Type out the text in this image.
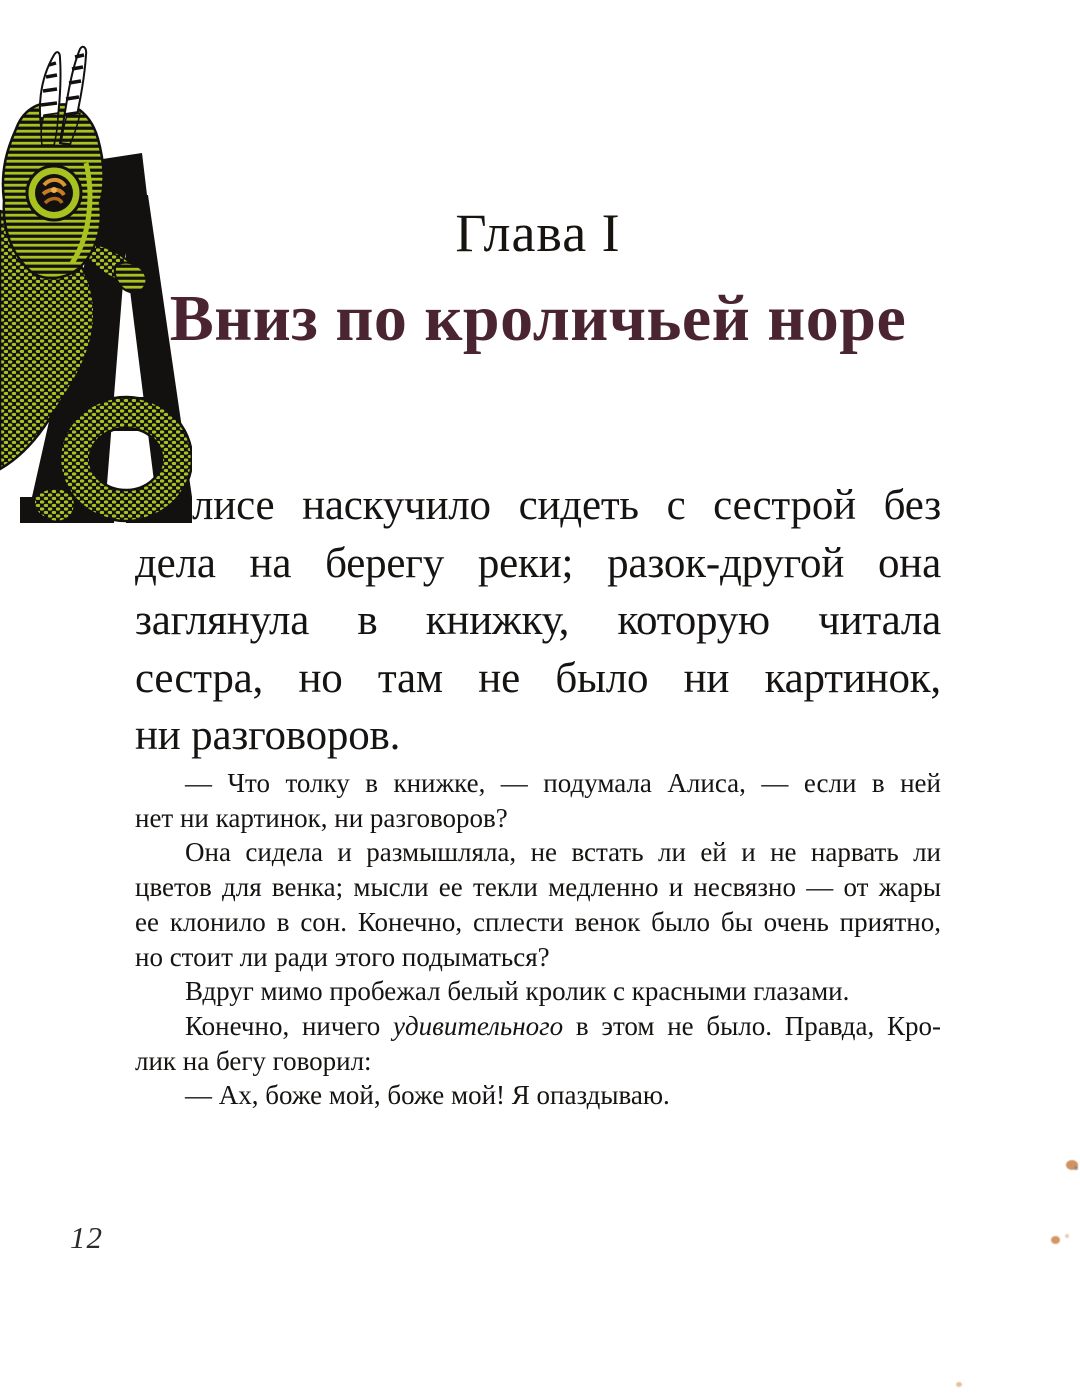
Глава I
Вниз по кроличьей норе
лисе наскучило сидеть с сестрой без
дела на берегу реки; разок-другой она
заглянула в книжку, которую читала
сестра, но там не было ни картинок,
ни разговоров.
— Что толку в книжке, — подумала Алиса, — если в ней
нет ни картинок, ни разговоров?
Она сидела и размышляла, не встать ли ей и не нарвать ли
цветов для венка; мысли ее текли медленно и несвязно — от жары
ее клонило в сон. Конечно, сплести венок было бы очень приятно,
но стоит ли ради этого подыматься?
Вдруг мимо пробежал белый кролик с красными глазами.
Конечно, ничего удивительного в этом не было. Правда, Кро-
лик на бегу говорил:
— Ах, боже мой, боже мой! Я опаздываю.
12
